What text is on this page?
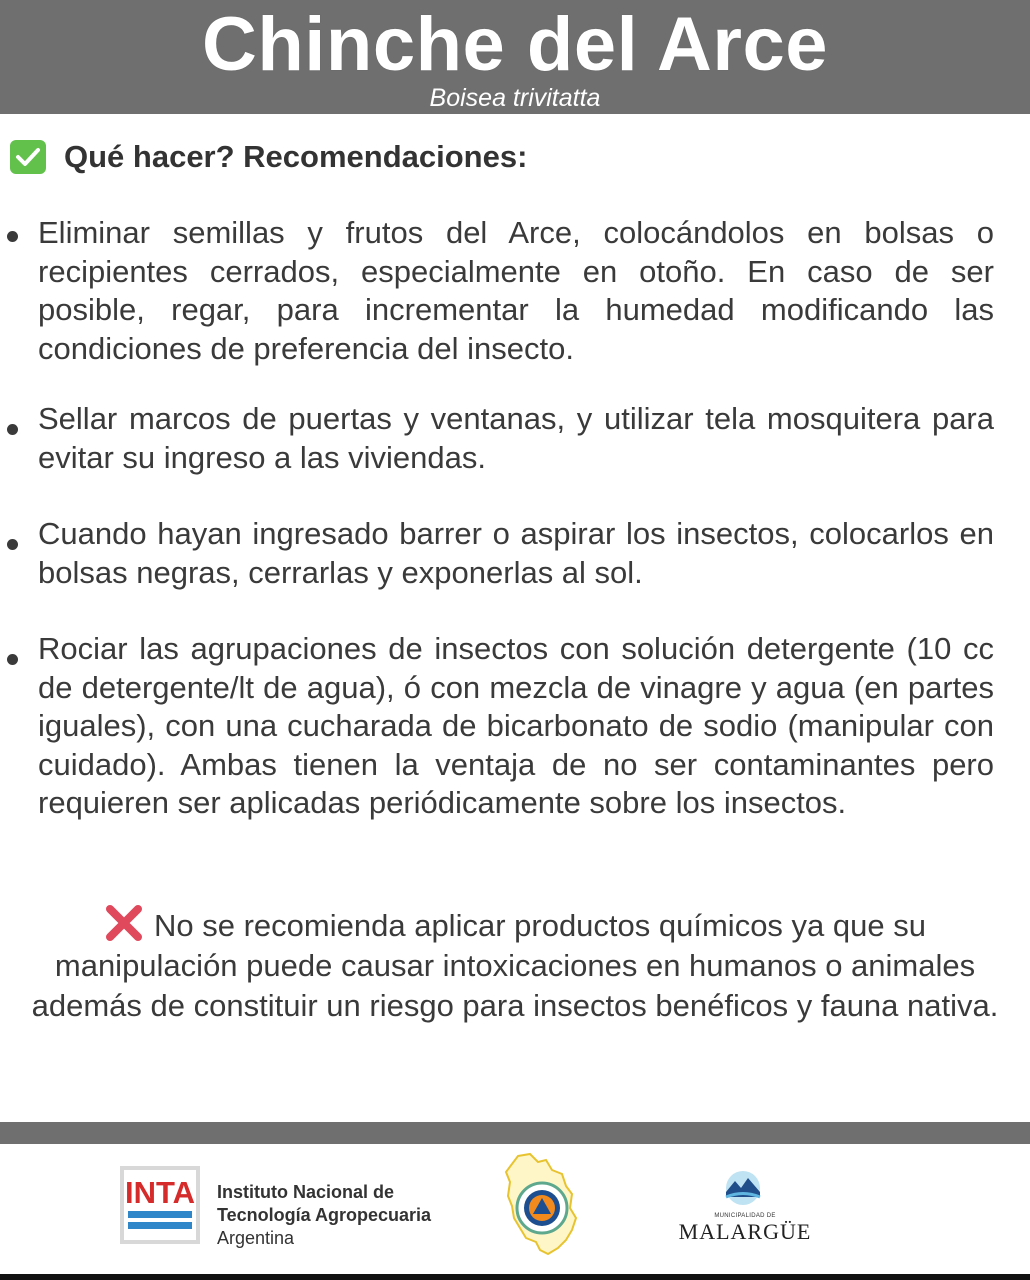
Chinche del Arce
Boisea trivitatta
Qué hacer? Recomendaciones:
Eliminar semillas y frutos del Arce, colocándolos en bolsas o recipientes cerrados, especialmente en otoño. En caso de ser posible, regar, para incrementar la humedad modificando las condiciones de preferencia del insecto.
Sellar marcos de puertas y ventanas, y utilizar tela mosquitera para evitar su ingreso a las viviendas.
Cuando hayan ingresado barrer o aspirar los insectos, colocarlos en bolsas negras, cerrarlas y exponerlas al sol.
Rociar las agrupaciones de insectos con solución detergente (10 cc de detergente/lt de agua), ó con mezcla de vinagre y agua (en partes iguales), con una cucharada de bicarbonato de sodio (manipular con cuidado). Ambas tienen la ventaja de no ser contaminantes pero requieren ser aplicadas periódicamente sobre los insectos.
No se recomienda aplicar productos químicos ya que su manipulación puede causar intoxicaciones en humanos o animales además de constituir un riesgo para insectos benéficos y fauna nativa.
INTA Instituto Nacional de
Tecnología Agropecuaria
Argentina
MUNICIPALIDAD DE
MALARGÜE
